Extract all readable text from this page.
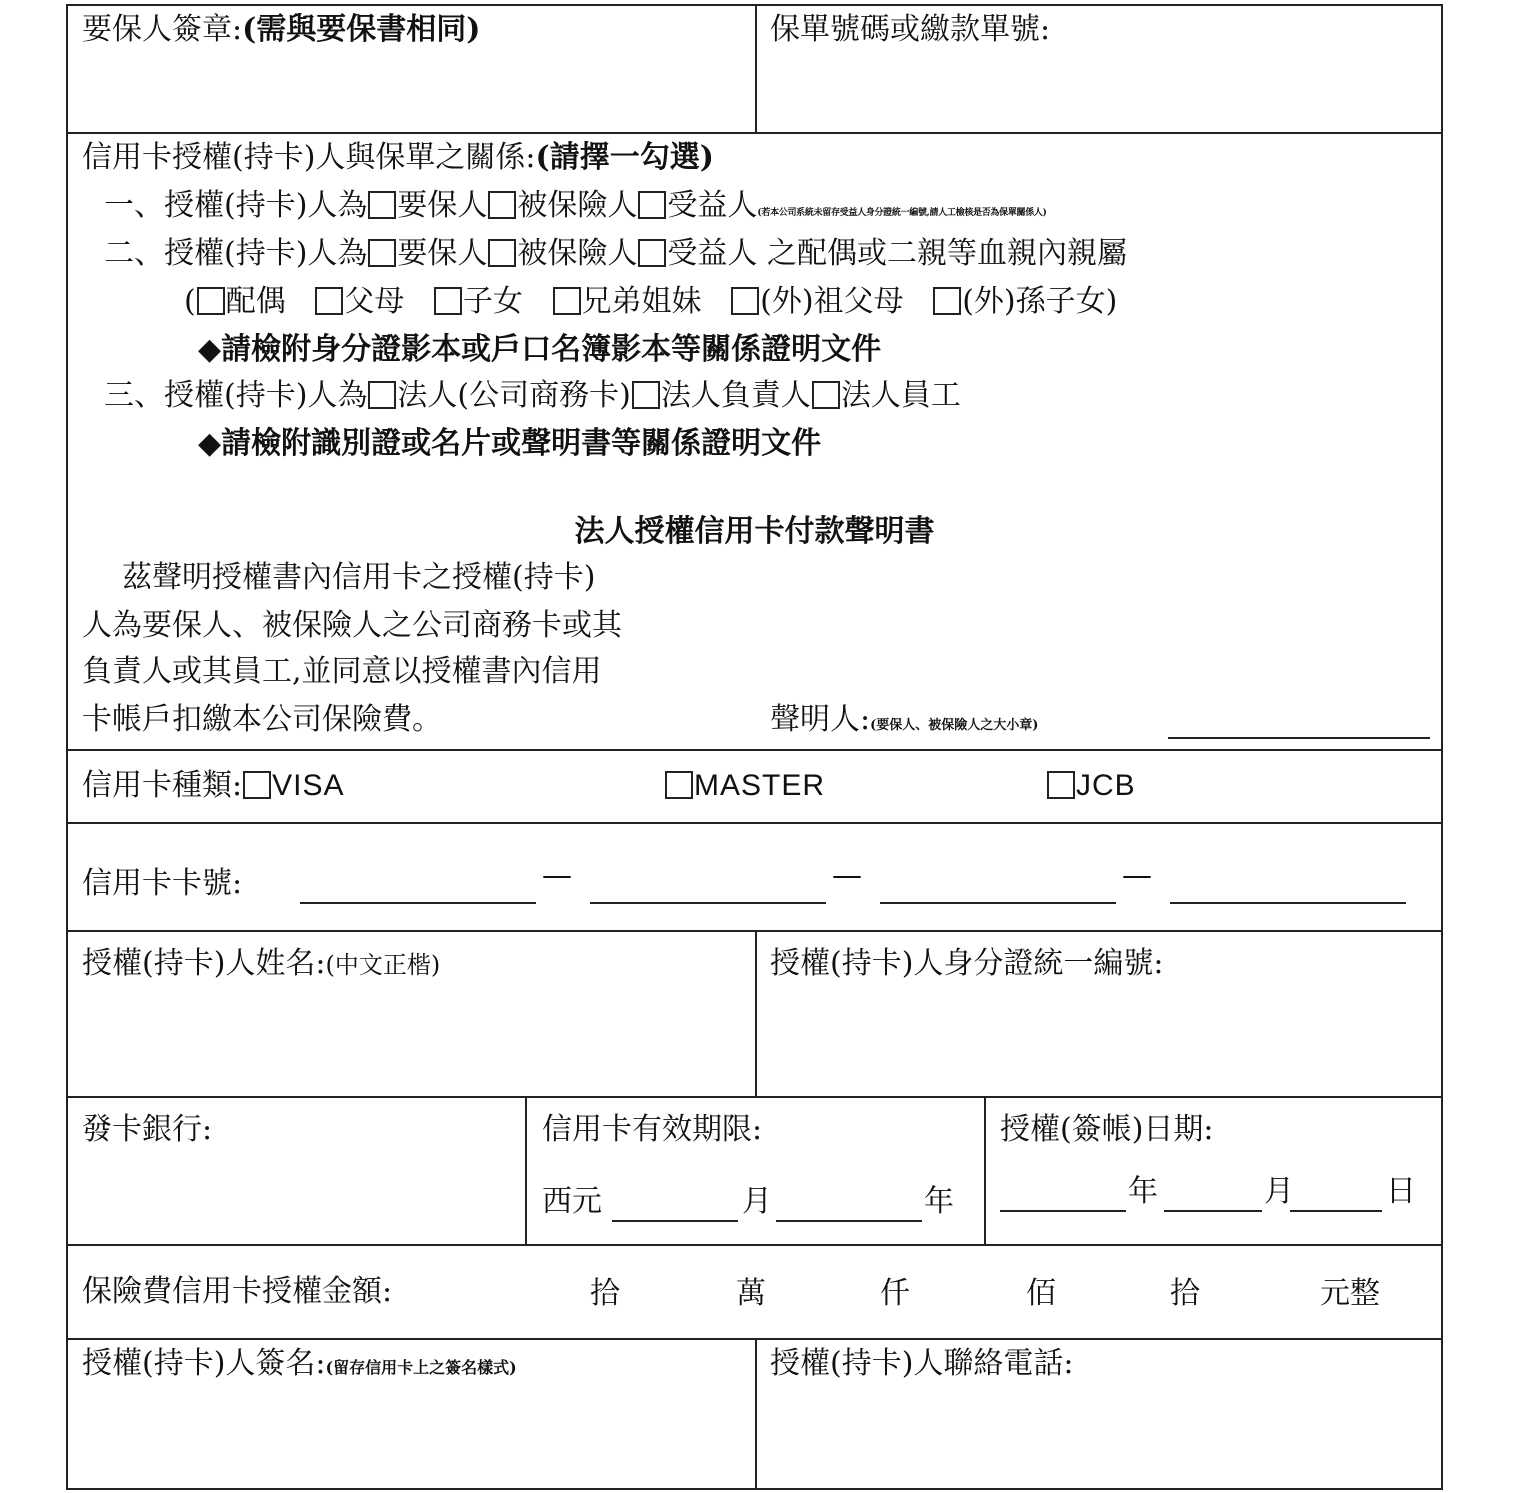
要保人簽章:(需與要保書相同)	保單號碼或繳款單號:
信用卡授權(持卡)人與保單之關係:(請擇一勾選)
一、授權(持卡)人為 要保人 被保險人 受益人(若本公司系統未留存受益人身分證統一編號,請人工檢核是否為保單關係人)
二、授權(持卡)人為 要保人 被保險人 受益人 之配偶或二親等血親內親屬
( 配偶 父母 子女 兄弟姐妹 (外)祖父母 (外)孫子女)
◆請檢附身分證影本或戶口名簿影本等關係證明文件
三、授權(持卡)人為 法人(公司商務卡) 法人負責人 法人員工
◆請檢附識別證或名片或聲明書等關係證明文件
法人授權信用卡付款聲明書
茲聲明授權書內信用卡之授權(持卡)
人為要保人、被保險人之公司商務卡或其
負責人或其員工,並同意以授權書內信用
卡帳戶扣繳本公司保險費。	聲明人:(要保人、被保險人之大小章)
信用卡種類: VISA	MASTER	JCB
信用卡卡號:	—	—	—
授權(持卡)人姓名:(中文正楷)	授權(持卡)人身分證統一編號:
發卡銀行:	信用卡有效期限:
西元	月	年
授權(簽帳)日期:
年	月	日
保險費信用卡授權金額:	拾	萬	仟	佰	拾	元整
授權(持卡)人簽名:(留存信用卡上之簽名樣式)	授權(持卡)人聯絡電話:
